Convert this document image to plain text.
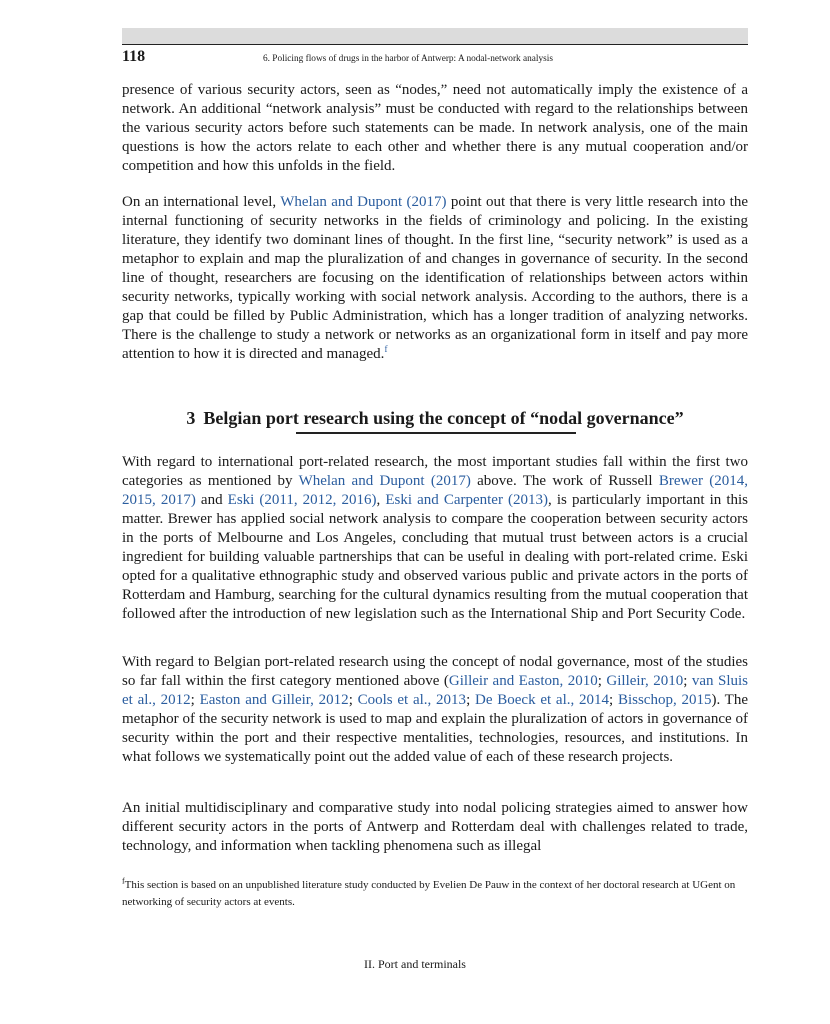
118	6. Policing flows of drugs in the harbor of Antwerp: A nodal-network analysis

presence of various security actors, seen as “nodes,” need not automatically imply the existence of a network. An additional “network analysis” must be conducted with regard to the relationships between the various security actors before such statements can be made. In network analysis, one of the main questions is how the actors relate to each other and whether there is any mutual cooperation and/or competition and how this unfolds in the field.

On an international level, Whelan and Dupont (2017) point out that there is very little research into the internal functioning of security networks in the fields of criminology and policing. In the existing literature, they identify two dominant lines of thought. In the first line, “security network” is used as a metaphor to explain and map the pluralization of and changes in governance of security. In the second line of thought, researchers are focusing on the identification of relationships between actors within security networks, typically working with social network analysis. According to the authors, there is a gap that could be filled by Public Administration, which has a longer tradition of analyzing networks. There is the challenge to study a network or networks as an organizational form in itself and pay more attention to how it is directed and managed.$^f$

3 Belgian port research using the concept of “nodal governance”

With regard to international port-related research, the most important studies fall within the first two categories as mentioned by Whelan and Dupont (2017) above. The work of Russell Brewer (2014, 2015, 2017) and Eski (2011, 2012, 2016), Eski and Carpenter (2013), is particularly important in this matter. Brewer has applied social network analysis to compare the cooperation between security actors in the ports of Melbourne and Los Angeles, concluding that mutual trust between actors is a crucial ingredient for building valuable partnerships that can be useful in dealing with port-related crime. Eski opted for a qualitative ethnographic study and observed various public and private actors in the ports of Rotterdam and Hamburg, searching for the cultural dynamics resulting from the mutual cooperation that followed after the introduction of new legislation such as the International Ship and Port Security Code.

With regard to Belgian port-related research using the concept of nodal governance, most of the studies so far fall within the first category mentioned above (Gilleir and Easton, 2010; Gilleir, 2010; van Sluis et al., 2012; Easton and Gilleir, 2012; Cools et al., 2013; De Boeck et al., 2014; Bisschop, 2015). The metaphor of the security network is used to map and explain the pluralization of actors in governance of security within the port and their respective mentalities, technologies, resources, and institutions. In what follows we systematically point out the added value of each of these research projects.

An initial multidisciplinary and comparative study into nodal policing strategies aimed to answer how different security actors in the ports of Antwerp and Rotterdam deal with challenges related to trade, technology, and information when tackling phenomena such as illegal

$^f$This section is based on an unpublished literature study conducted by Evelien De Pauw in the context of her doctoral research at UGent on networking of security actors at events.

II. Port and terminals
